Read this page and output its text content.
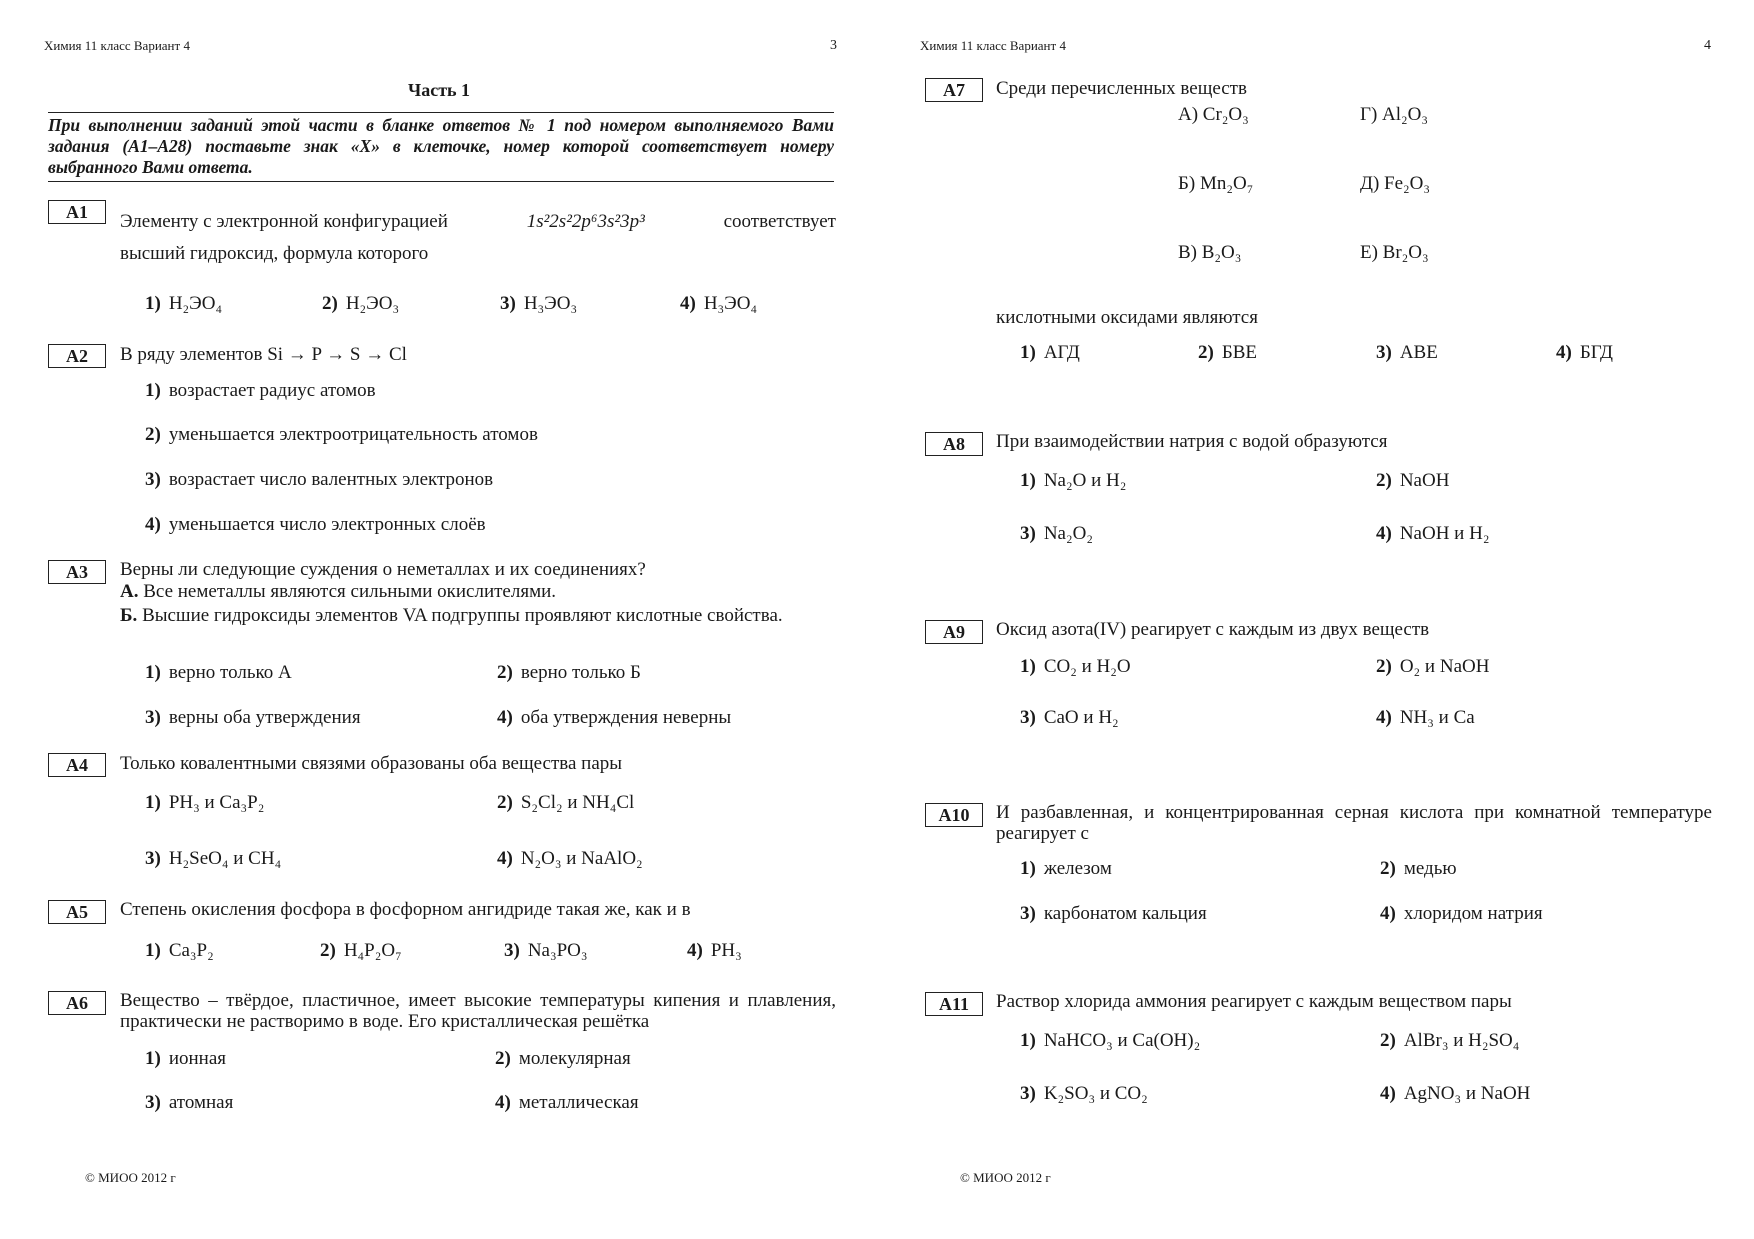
Химия 11 класс Вариант 4	3
Часть 1
При выполнении заданий этой части в бланке ответов № 1 под номером выполняемого Вами задания (А1–А28) поставьте знак «X» в клеточке, номер которой соответствует номеру выбранного Вами ответа.
A1	Элементу с электронной конфигурацией	1s²2s²2p⁶3s²3p³	соответствует
высший гидроксид, формула которого
1) H₂ЭO₄	2) H₂ЭO₃	3) H₃ЭO₃	4) H₃ЭO₄
A2	В ряду элементов Si → P → S → Cl
1) возрастает радиус атомов
2) уменьшается электроотрицательность атомов
3) возрастает число валентных электронов
4) уменьшается число электронных слоёв
A3	Верны ли следующие суждения о неметаллах и их соединениях?
А. Все неметаллы являются сильными окислителями.
Б. Высшие гидроксиды элементов VA подгруппы проявляют кислотные свойства.
1) верно только А	2) верно только Б
3) верны оба утверждения	4) оба утверждения неверны
A4	Только ковалентными связями образованы оба вещества пары
1) PH₃ и Ca₃P₂	2) S₂Cl₂ и NH₄Cl
3) H₂SeO₄ и CH₄	4) N₂O₃ и NaAlO₂
A5	Степень окисления фосфора в фосфорном ангидриде такая же, как и в
1) Ca₃P₂	2) H₄P₂O₇	3) Na₃PO₃	4) PH₃
A6	Вещество – твёрдое, пластичное, имеет высокие температуры кипения и плавления, практически не растворимо в воде. Его кристаллическая решётка
1) ионная	2) молекулярная
3) атомная	4) металлическая
© МИОО 2012 г
Химия 11 класс Вариант 4	4
A7	Среди перечисленных веществ
А) Cr₂O₃	Г) Al₂O₃
Б) Mn₂O₇	Д) Fe₂O₃
В) B₂O₃	Е) Br₂O₃
кислотными оксидами являются
1) АГД	2) БВЕ	3) АВЕ	4) БГД
A8	При взаимодействии натрия с водой образуются
1) Na₂O и H₂	2) NaOH
3) Na₂O₂	4) NaOH и H₂
A9	Оксид азота(IV) реагирует с каждым из двух веществ
1) CO₂ и H₂O	2) O₂ и NaOH
3) CaO и H₂	4) NH₃ и Ca
A10	И разбавленная, и концентрированная серная кислота при комнатной температуре реагирует с
1) железом	2) медью
3) карбонатом кальция	4) хлоридом натрия
A11	Раствор хлорида аммония реагирует с каждым веществом пары
1) NaHCO₃ и Ca(OH)₂	2) AlBr₃ и H₂SO₄
3) K₂SO₃ и CO₂	4) AgNO₃ и NaOH
© МИОО 2012 г
